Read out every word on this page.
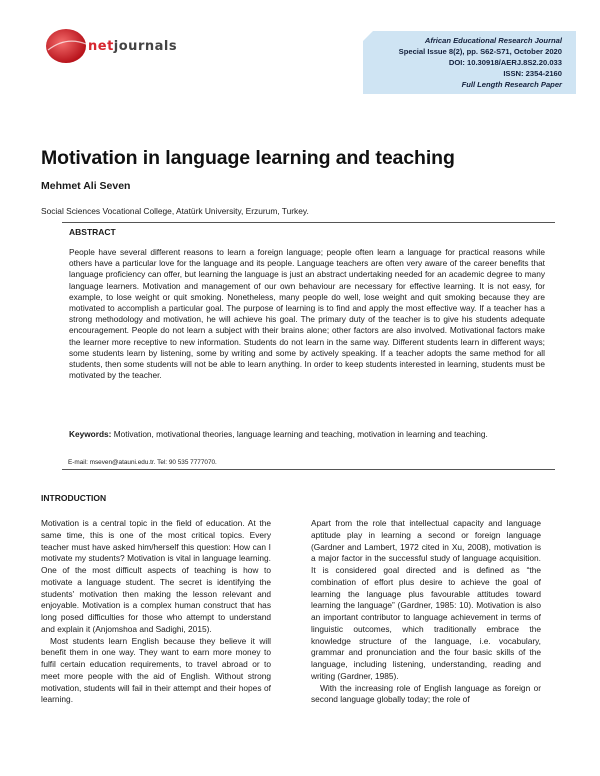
netjournals	African Educational Research Journal
Special Issue 8(2), pp. S62-S71, October 2020
DOI: 10.30918/AERJ.8S2.20.033
ISSN: 2354-2160
Full Length Research Paper
Motivation in language learning and teaching
Mehmet Ali Seven
Social Sciences Vocational College, Atatürk University, Erzurum, Turkey.
ABSTRACT
People have several different reasons to learn a foreign language; people often learn a language for practical reasons while others have a particular love for the language and its people. Language teachers are often very aware of the career benefits that language proficiency can offer, but learning the language is just an abstract undertaking needed for an academic degree to many language learners. Motivation and management of our own behaviour are necessary for effective learning. It is not easy, for example, to lose weight or quit smoking. Nonetheless, many people do well, lose weight and quit smoking because they are motivated to accomplish a particular goal. The purpose of learning is to find and apply the most effective way. If a teacher has a strong methodology and motivation, he will achieve his goal. The primary duty of the teacher is to give his students adequate encouragement. People do not learn a subject with their brains alone; other factors are also involved. Motivational factors make the learner more receptive to new information. Students do not learn in the same way. Different students learn in different ways; some students learn by listening, some by writing and some by actively speaking. If a teacher adopts the same method for all students, then some students will not be able to learn anything. In order to keep students interested in learning, students must be motivated by the teacher.
Keywords: Motivation, motivational theories, language learning and teaching, motivation in learning and teaching.
E-mail: mseven@atauni.edu.tr. Tel: 90 535 7777070.
INTRODUCTION

Motivation is a central topic in the field of education. At the same time, this is one of the most critical topics. Every teacher must have asked him/herself this question: How can I motivate my students? Motivation is vital in language learning. One of the most difficult aspects of teaching is how to motivate a language student. The secret is identifying the students' motivation then making the lesson relevant and enjoyable. Motivation is a complex human construct that has long posed difficulties for those who attempt to understand and explain it (Anjomshoa and Sadighi, 2015).

Most students learn English because they believe it will benefit them in one way. They want to earn more money to fulfil certain education requirements, to travel abroad or to meet more people with the aid of English. Without strong motivation, students will fail in their attempt and their hopes of learning.

Apart from the role that intellectual capacity and language aptitude play in learning a second or foreign language (Gardner and Lambert, 1972 cited in Xu, 2008), motivation is a major factor in the successful study of language acquisition. It is considered goal directed and is defined as “the combination of effort plus desire to achieve the goal of learning the language plus favourable attitudes toward learning the language” (Gardner, 1985: 10). Motivation is also an important contributor to language achievement in terms of linguistic outcomes, which traditionally embrace the knowledge structure of the language, i.e. vocabulary, grammar and pronunciation and the four basic skills of the language, including listening, understanding, reading and writing (Gardner, 1985).

With the increasing role of English language as foreign or second language globally today; the role of
